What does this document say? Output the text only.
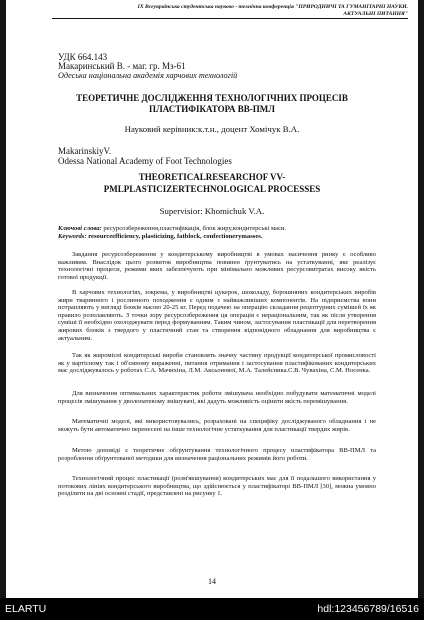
IX Всеукраїнська студентська науково - технічна конференція "ПРИРОДНИЧІ ТА ГУМАНІТАРНІ НАУКИ.
АКТУАЛЬНІ ПИТАННЯ"
УДК 664.143
Макаринський В. - маг. гр. Мз-61
Одеська національна академія харчових технологій
ТЕОРЕТИЧНЕ ДОСЛІДЖЕННЯ ТЕХНОЛОГІЧНИХ ПРОЦЕСІВ
ПЛАСТИФІКАТОРА ВВ-ПМЛ
Науковий керівник:к.т.н., доцент Хомічук В.А.
MakarinskiyV.
Odessa National Academy of Foot Technologies
THEORETICALRESEARCHOF VV-
PMLPLASTICIZERTECHNOLOGICAL PROCESSES
Supervisior: Khomichuk V.A.
Ключові слова: ресурсозбереження,пластифікація, блок жиру,кондитерські маси.
Keywords: resourceefficiency, plasticizing, fatblock, confectionerymasses.
Завдання ресурсозбереження у кондитерському виробництві в умовах насичення ринку є особливо важливим. Внаслідок цього розвиток виробництва повинен ґрунтуватись на устаткуванні, яке реалізує технологічні процеси, режими яких забезпечують при мінімально можливих ресурсовитратах високу якість готової продукції.
В харчових технологіях, зокрема, у виробництві цукерок, шоколаду, борошняних кондитерських виробів жири тваринного і рослинного походження є одним з найважливіших компонентів. На підприємства вони потрапляють у вигляді блоків масою 20-25 кг. Перед подачею на операцію складання рецептурних сумішей їх як правило розплавляють. З точки зору ресурсозбереження ця операція є нераціональним, так як після утворення суміші її необхідно охолоджувати перед формуванням. Таким чином, застосування пластикації для перетворення жирових блоків з твердого у пластичний стан та створення відповідного обладнання для виробництва є актуальним.
Так як жиромісні кондитерські вироби становлять значну частину продукції кондитерської промисловості як у вартісному так і об'ємному вираженні, питання отримання і застосування пластифікованих кондитерських мас досліджувалось у роботах С.А. Мачихіна, Л.М. Аксьонової, М.А. Талейсника.С.В. Чувахіна, С.М. Носенка.
Для визначення оптимальних характеристик роботи змішувача необхідно побудувати математичні моделі процесів змішування у дволопатевому змішувачі, які дадуть можливість оцінити якість перемішування.
Математичні моделі, які використовувались, розраховані на специфіку досліджуваного обладнання і не можуть бути автоматично перенесені на інше технологічне устаткування для пластикації твердих жирів.
Метою доповіді є теоретичне обґрунтування технологічного процесу пластифікатора ВВ-ПМЛ та розроблення обґрунтованої методики для визначення раціональних режимів його роботи.
Технологічний процес пластикації (розм'якшування) кондитерських мас для її подальшого використання у потокових лініях кондитерського виробництва, що здійснюється у пластифікаторі ВВ-ПМЛ [30], можна умовно розділити на дві основні стадії, представлені на рисунку 1.
14
ELARTU	hdl:123456789/16516
